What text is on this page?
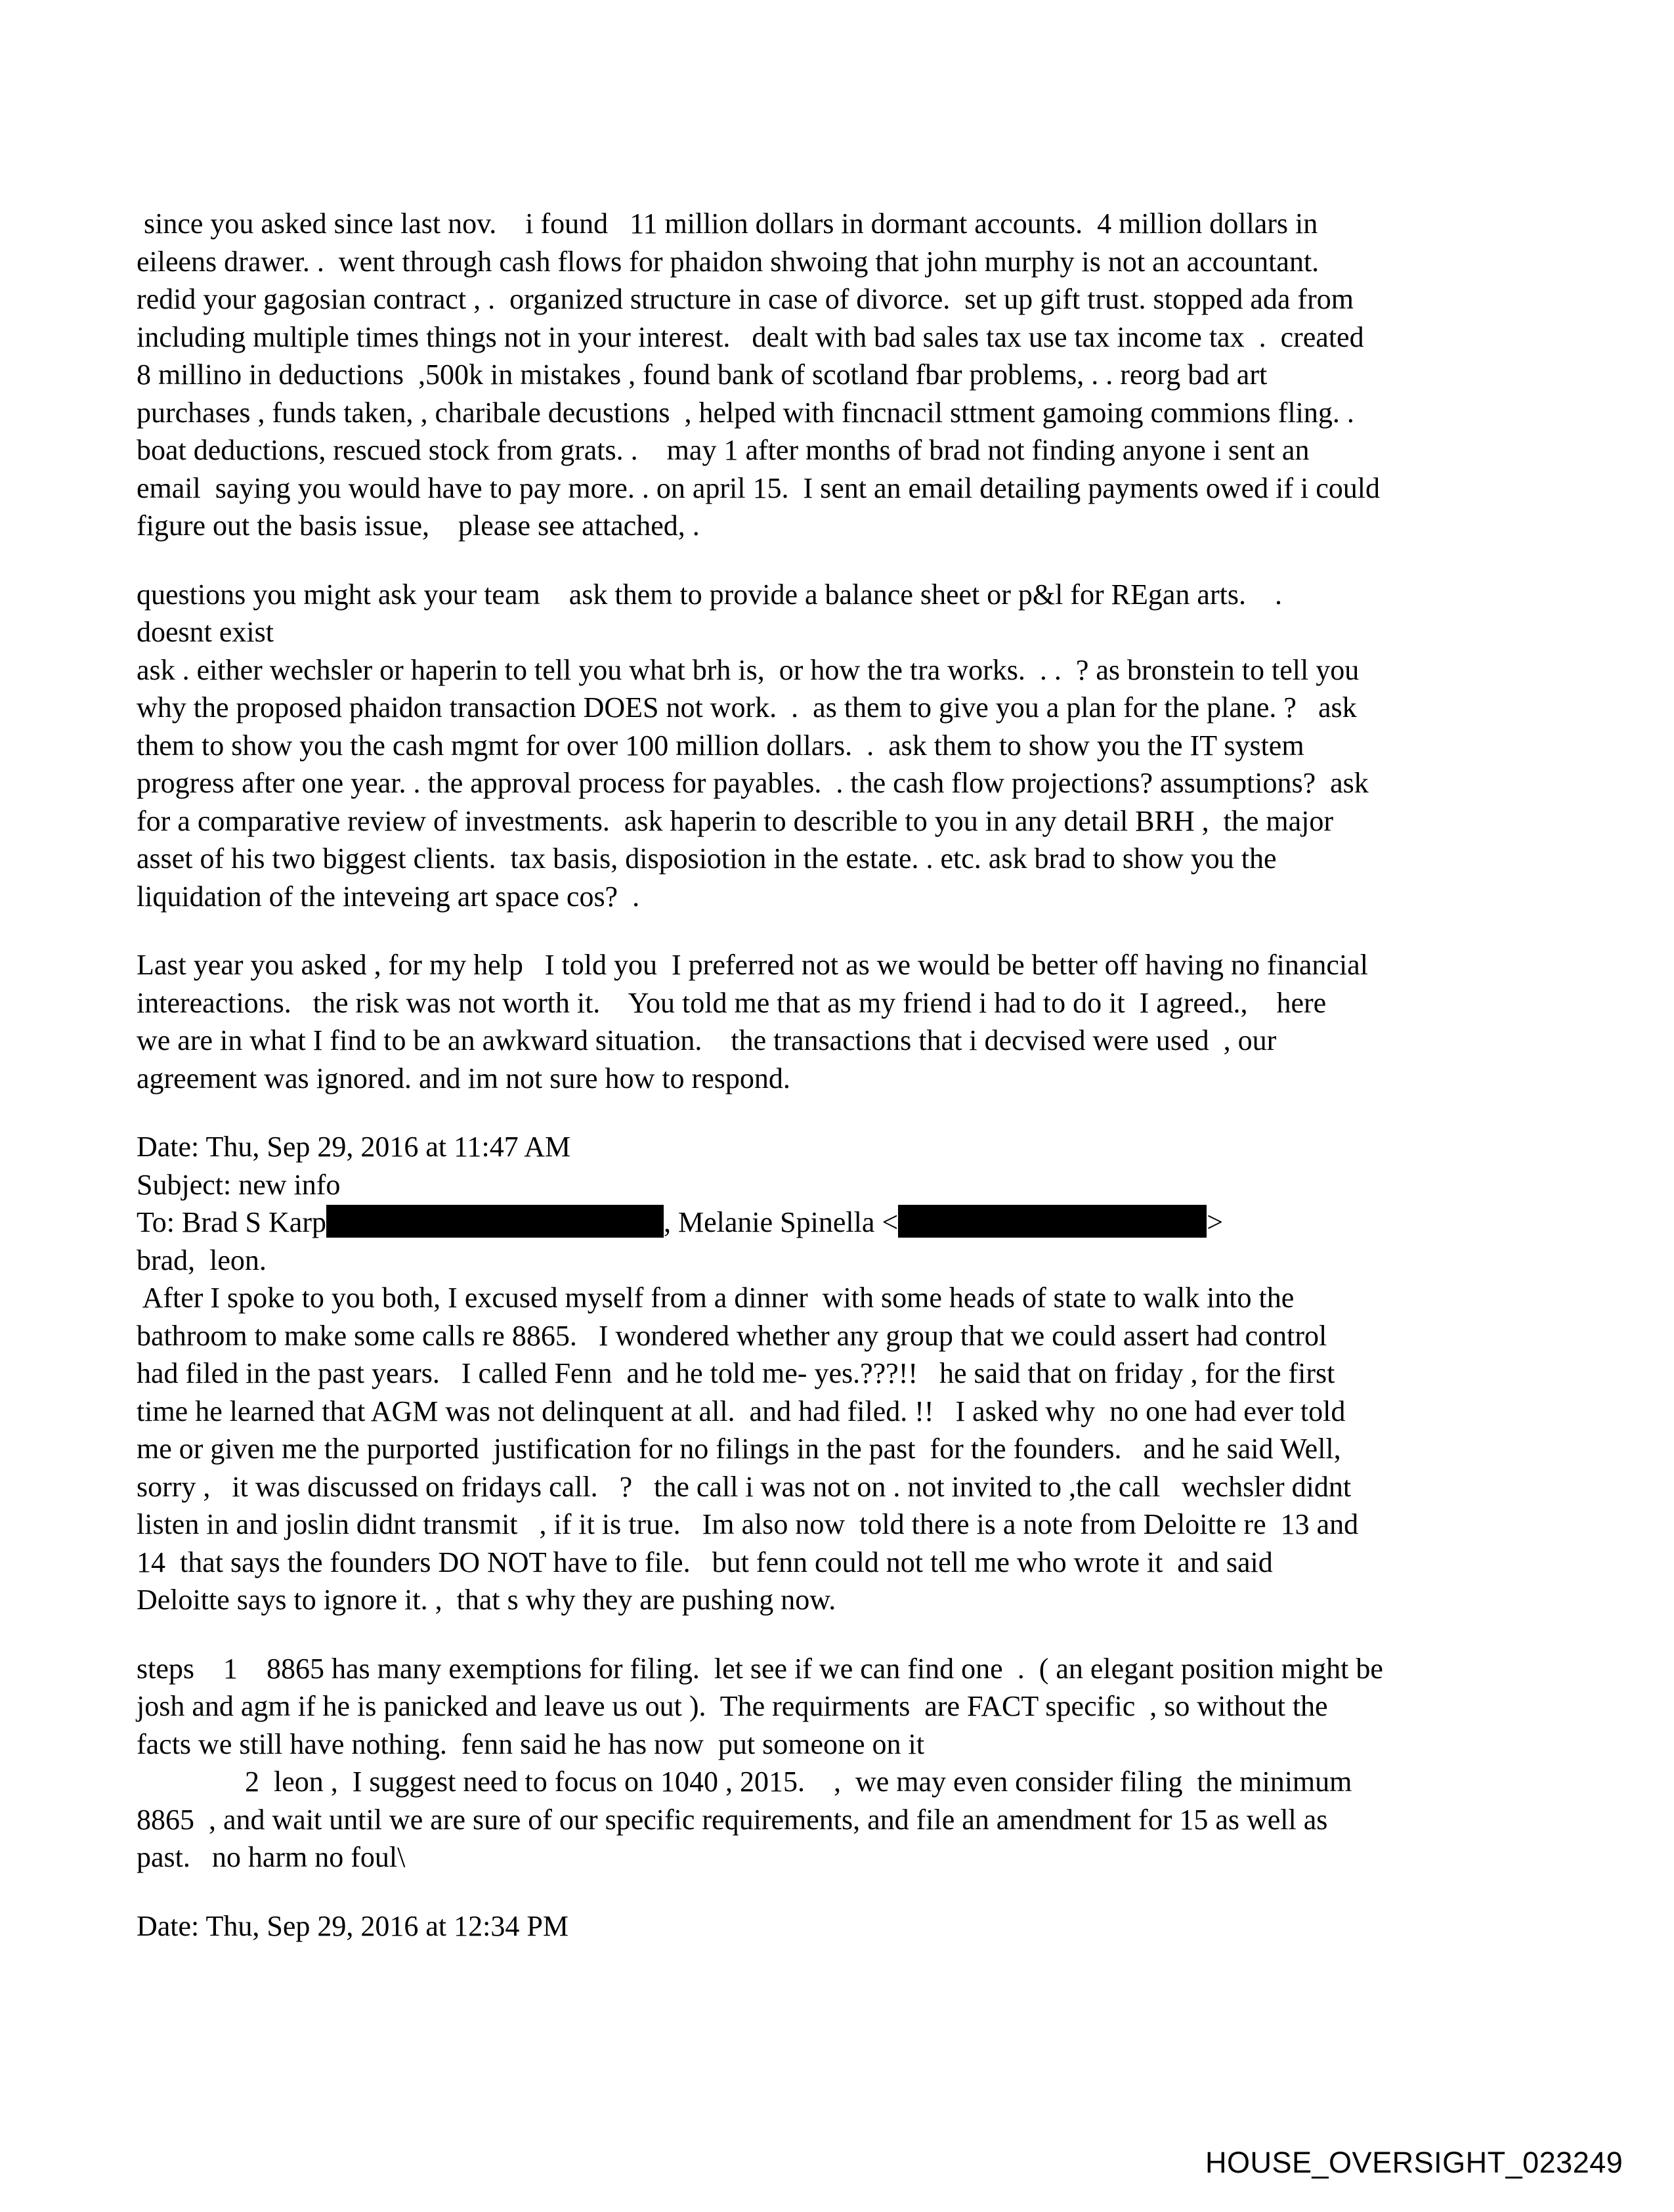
since you asked since last nov.    i found   11 million dollars in dormant accounts.  4 million dollars in
eileens drawer. .  went through cash flows for phaidon shwoing that john murphy is not an accountant.
redid your gagosian contract , .  organized structure in case of divorce.  set up gift trust. stopped ada from
including multiple times things not in your interest.   dealt with bad sales tax use tax income tax  .  created
8 millino in deductions  ,500k in mistakes , found bank of scotland fbar problems, . . reorg bad art
purchases , funds taken, , charibale decustions  , helped with fincnacil sttment gamoing commions fling. .
boat deductions, rescued stock from grats. .    may 1 after months of brad not finding anyone i sent an
email  saying you would have to pay more. . on april 15.  I sent an email detailing payments owed if i could
figure out the basis issue,    please see attached, .
questions you might ask your team    ask them to provide a balance sheet or p&l for REgan arts.    .
doesnt exist
ask . either wechsler or haperin to tell you what brh is,  or how the tra works.  . .  ? as bronstein to tell you
why the proposed phaidon transaction DOES not work.  .  as them to give you a plan for the plane. ?   ask
them to show you the cash mgmt for over 100 million dollars.  .  ask them to show you the IT system
progress after one year. . the approval process for payables.  . the cash flow projections? assumptions?  ask
for a comparative review of investments.  ask haperin to describle to you in any detail BRH ,  the major
asset of his two biggest clients.  tax basis, disposiotion in the estate. . etc. ask brad to show you the
liquidation of the inteveing art space cos?  .
Last year you asked , for my help   I told you  I preferred not as we would be better off having no financial
intereactions.   the risk was not worth it.    You told me that as my friend i had to do it  I agreed.,    here
we are in what I find to be an awkward situation.    the transactions that i decvised were used  , our
agreement was ignored. and im not sure how to respond.
Date: Thu, Sep 29, 2016 at 11:47 AM
Subject: new info
To: Brad S Karp	, Melanie Spinella <	>
brad,  leon.
After I spoke to you both, I excused myself from a dinner  with some heads of state to walk into the
bathroom to make some calls re 8865.   I wondered whether any group that we could assert had control
had filed in the past years.   I called Fenn  and he told me- yes.???!!   he said that on friday , for the first
time he learned that AGM was not delinquent at all.  and had filed. !!   I asked why  no one had ever told
me or given me the purported  justification for no filings in the past  for the founders.   and he said Well,
sorry ,   it was discussed on fridays call.   ?   the call i was not on . not invited to ,the call   wechsler didnt
listen in and joslin didnt transmit   , if it is true.   Im also now  told there is a note from Deloitte re  13 and
14  that says the founders DO NOT have to file.   but fenn could not tell me who wrote it  and said
Deloitte says to ignore it. ,  that s why they are pushing now.
steps    1    8865 has many exemptions for filing.  let see if we can find one  .  ( an elegant position might be
josh and agm if he is panicked and leave us out ).  The requirments  are FACT specific  , so without the
facts we still have nothing.  fenn said he has now  put someone on it
2  leon ,  I suggest need to focus on 1040 , 2015.    ,  we may even consider filing  the minimum
8865  , and wait until we are sure of our specific requirements, and file an amendment for 15 as well as
past.   no harm no foul\
Date: Thu, Sep 29, 2016 at 12:34 PM
HOUSE_OVERSIGHT_023249
